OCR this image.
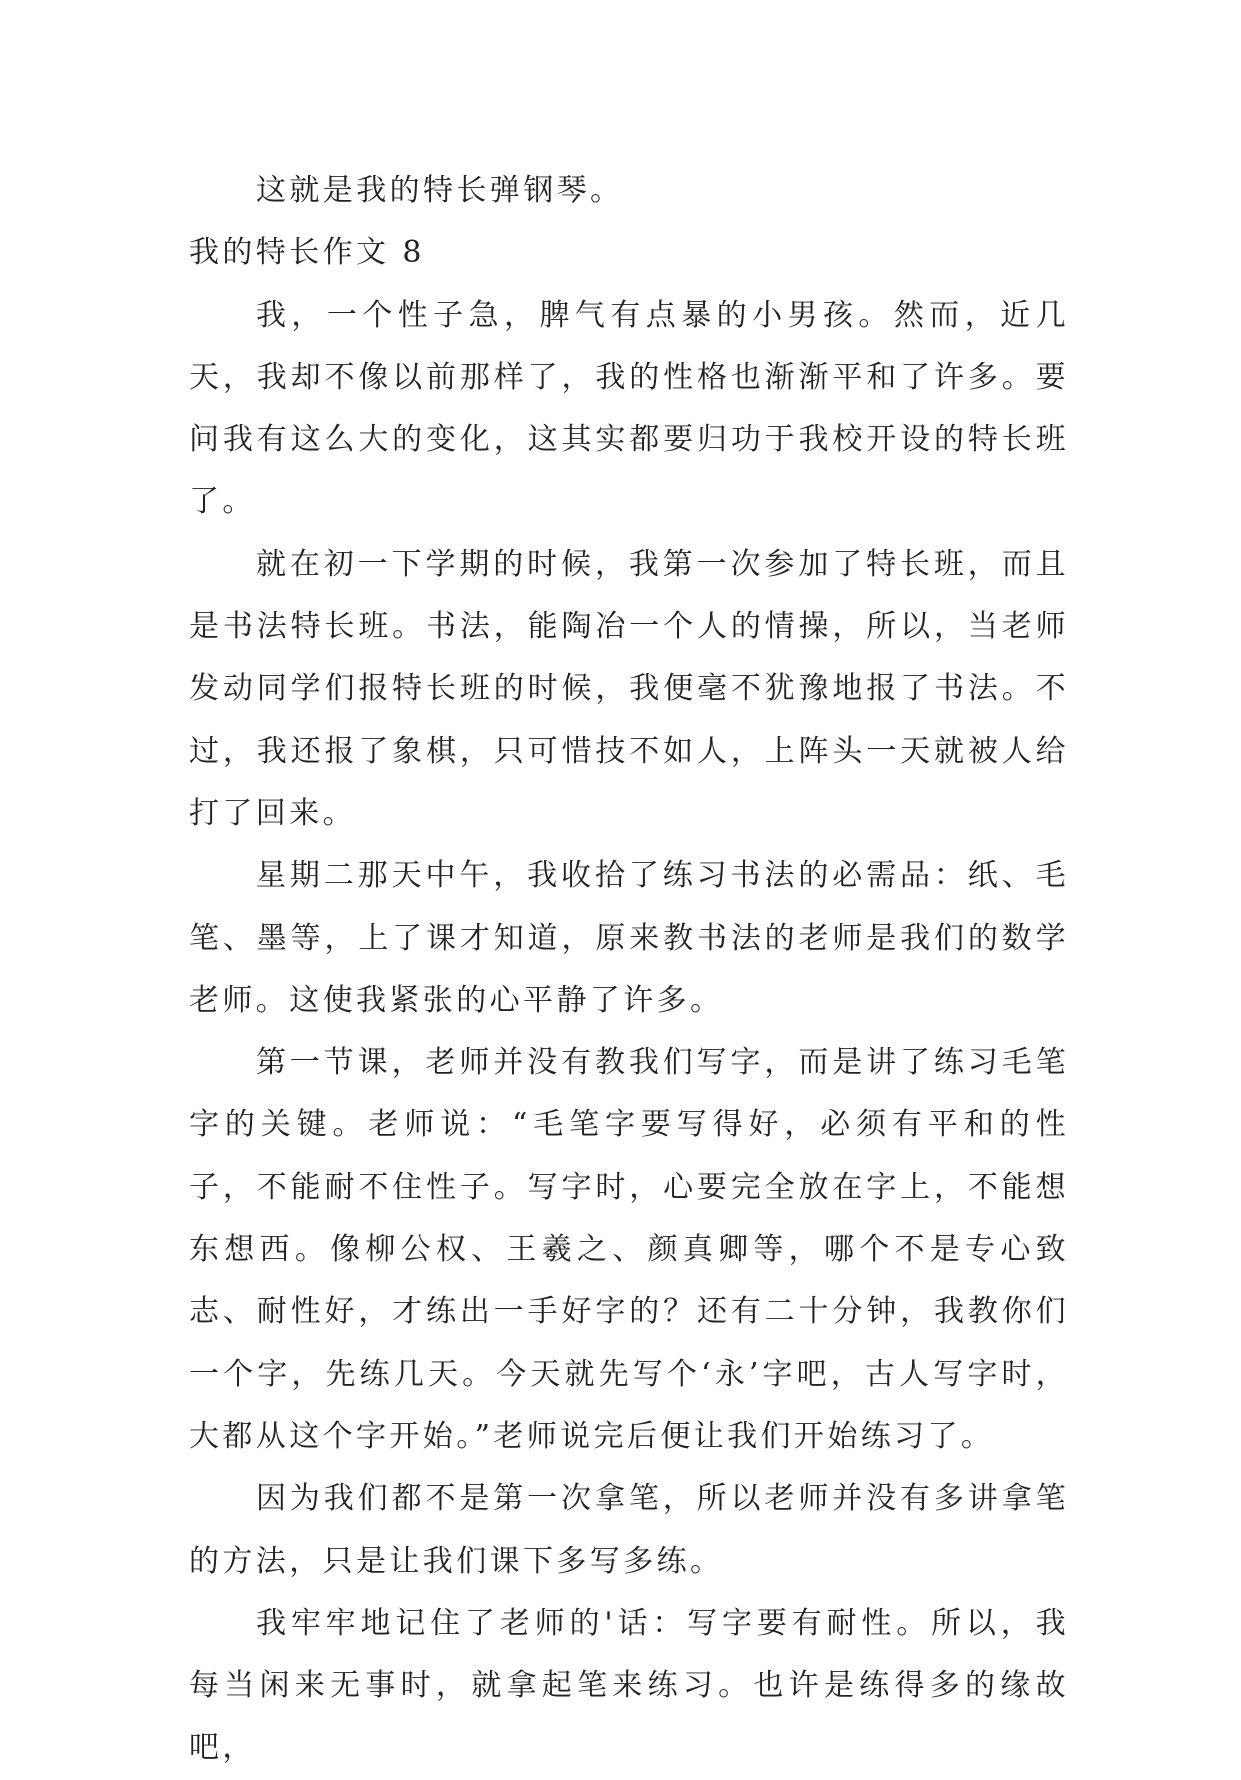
这就是我的特长弹钢琴。

我的特长作文 8

我，一个性子急，脾气有点暴的小男孩。然而，近几天，我却不像以前那样了，我的性格也渐渐平和了许多。要问我有这么大的变化，这其实都要归功于我校开设的特长班了。

就在初一下学期的时候，我第一次参加了特长班，而且是书法特长班。书法，能陶冶一个人的情操，所以，当老师发动同学们报特长班的时候，我便毫不犹豫地报了书法。不过，我还报了象棋，只可惜技不如人，上阵头一天就被人给打了回来。

星期二那天中午，我收拾了练习书法的必需品：纸、毛笔、墨等，上了课才知道，原来教书法的老师是我们的数学老师。这使我紧张的心平静了许多。

第一节课，老师并没有教我们写字，而是讲了练习毛笔字的关键。老师说：“毛笔字要写得好，必须有平和的性子，不能耐不住性子。写字时，心要完全放在字上，不能想东想西。像柳公权、王羲之、颜真卿等，哪个不是专心致志、耐性好，才练出一手好字的？还有二十分钟，我教你们一个字，先练几天。今天就先写个‘永’字吧，古人写字时，大都从这个字开始。”老师说完后便让我们开始练习了。

因为我们都不是第一次拿笔，所以老师并没有多讲拿笔的方法，只是让我们课下多写多练。

我牢牢地记住了老师的'话：写字要有耐性。所以，我每当闲来无事时，就拿起笔来练习。也许是练得多的缘故吧，
